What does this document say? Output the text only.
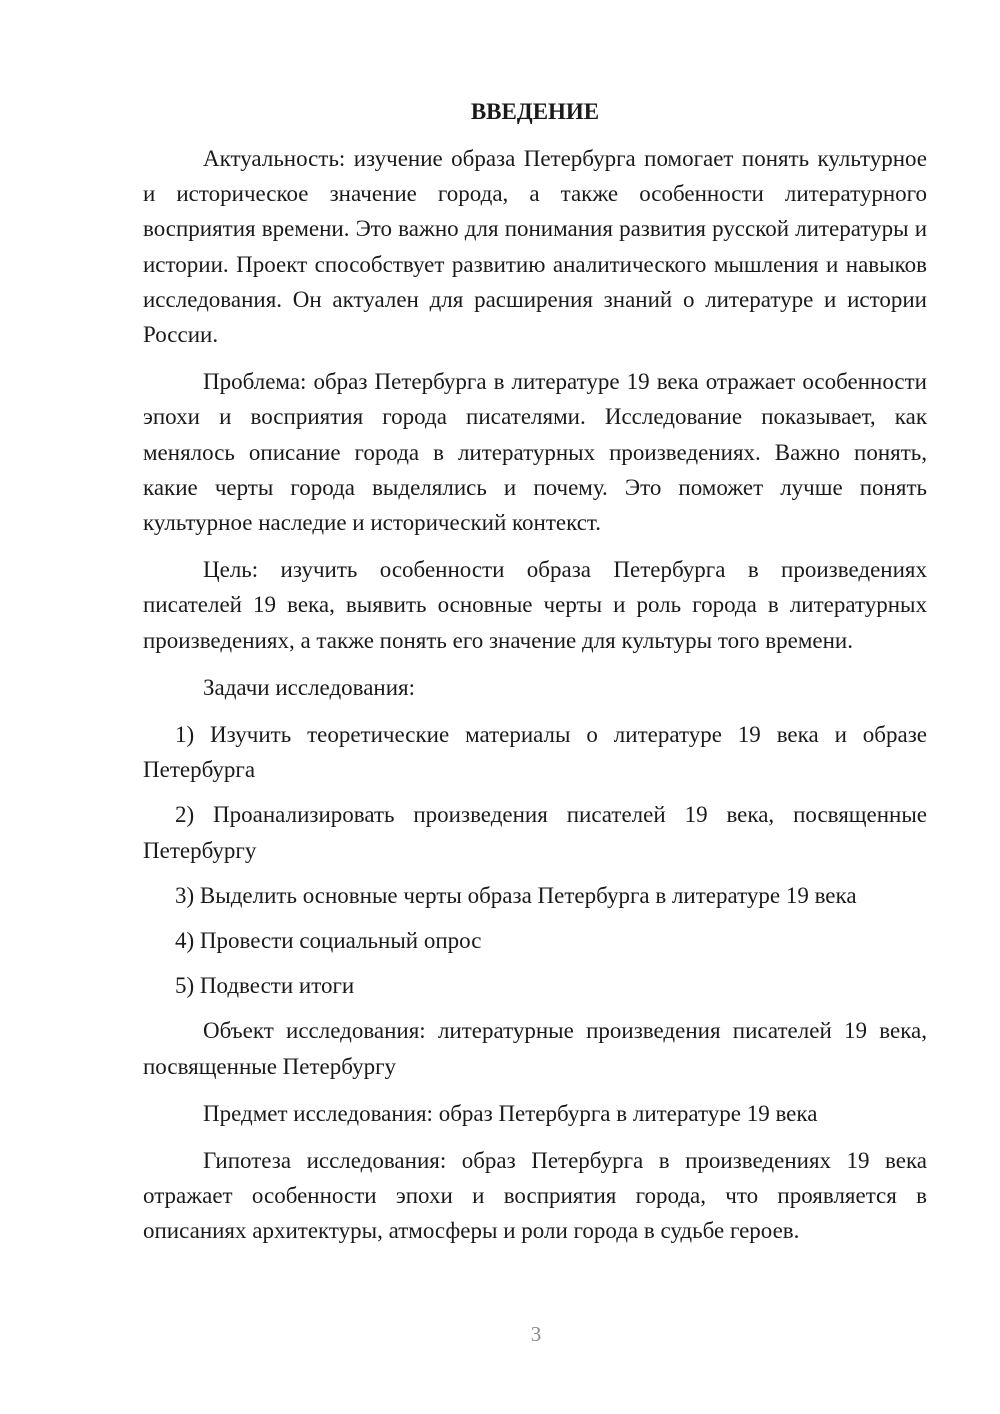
ВВЕДЕНИЕ
Актуальность: изучение образа Петербурга помогает понять культурное и историческое значение города, а также особенности литературного восприятия времени. Это важно для понимания развития русской литературы и истории. Проект способствует развитию аналитического мышления и навыков исследования. Он актуален для расширения знаний о литературе и истории России.
Проблема: образ Петербурга в литературе 19 века отражает особенности эпохи и восприятия города писателями. Исследование показывает, как менялось описание города в литературных произведениях. Важно понять, какие черты города выделялись и почему. Это поможет лучше понять культурное наследие и исторический контекст.
Цель: изучить особенности образа Петербурга в произведениях писателей 19 века, выявить основные черты и роль города в литературных произведениях, а также понять его значение для культуры того времени.
Задачи исследования:
1) Изучить теоретические материалы о литературе 19 века и образе Петербурга
2) Проанализировать произведения писателей 19 века, посвященные Петербургу
3) Выделить основные черты образа Петербурга в литературе 19 века
4) Провести социальный опрос
5) Подвести итоги
Объект исследования: литературные произведения писателей 19 века, посвященные Петербургу
Предмет исследования: образ Петербурга в литературе 19 века
Гипотеза исследования: образ Петербурга в произведениях 19 века отражает особенности эпохи и восприятия города, что проявляется в описаниях архитектуры, атмосферы и роли города в судьбе героев.
3
